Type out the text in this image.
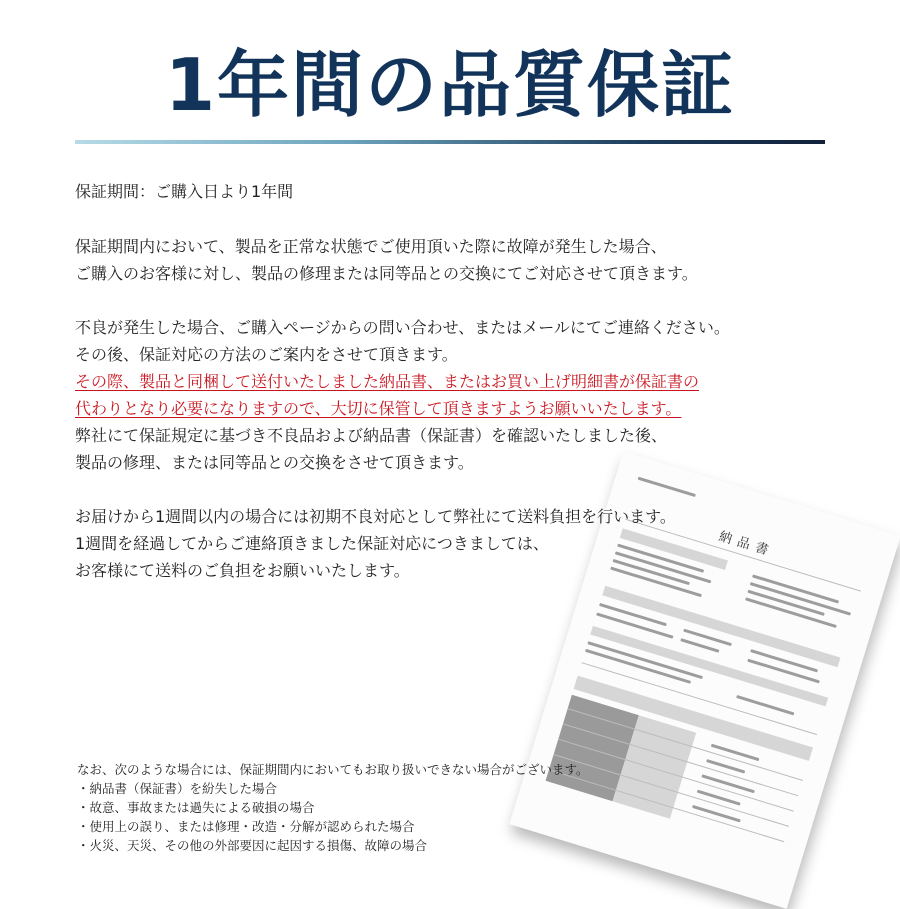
1年間の品質保証
納品書
保証期間：ご購入日より1年間
保証期間内において、製品を正常な状態でご使用頂いた際に故障が発生した場合、
ご購入のお客様に対し、製品の修理または同等品との交換にてご対応させて頂きます。
不良が発生した場合、ご購入ページからの問い合わせ、またはメールにてご連絡ください。
その後、保証対応の方法のご案内をさせて頂きます。
その際、製品と同梱して送付いたしました納品書、またはお買い上げ明細書が保証書の
代わりとなり必要になりますので、大切に保管して頂きますようお願いいたします。
弊社にて保証規定に基づき不良品および納品書（保証書）を確認いたしました後、
製品の修理、または同等品との交換をさせて頂きます。
お届けから1週間以内の場合には初期不良対応として弊社にて送料負担を行います。
1週間を経過してからご連絡頂きました保証対応につきましては、
お客様にて送料のご負担をお願いいたします。
なお、次のような場合には、保証期間内においてもお取り扱いできない場合がございます。
・納品書（保証書）を紛失した場合
・故意、事故または過失による破損の場合
・使用上の誤り、または修理・改造・分解が認められた場合
・火災、天災、その他の外部要因に起因する損傷、故障の場合
